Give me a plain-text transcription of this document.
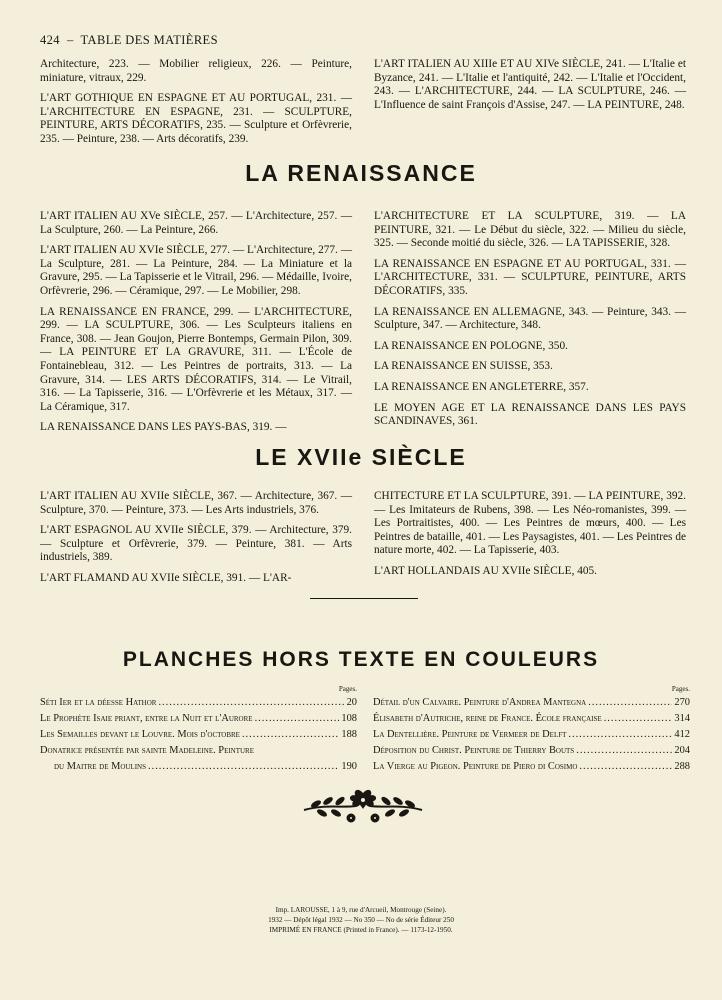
424  –  TABLE DES MATIÈRES

Architecture, 223. — Mobilier religieux, 226. — Peinture, miniature, vitraux, 229.

L'ART GOTHIQUE EN ESPAGNE ET AU PORTUGAL, 231. — L'ARCHITECTURE EN ESPAGNE, 231. — SCULPTURE, PEINTURE, ARTS DÉCORATIFS, 235. — Sculpture et Orfèvrerie, 235. — Peinture, 238. — Arts décoratifs, 239.

L'ART ITALIEN AU XIIIe ET AU XIVe SIÈCLE, 241. — L'Italie et Byzance, 241. — L'Italie et l'antiquité, 242. — L'Italie et l'Occident, 243. — L'ARCHITECTURE, 244. — LA SCULPTURE, 246. — L'Influence de saint François d'Assise, 247. — LA PEINTURE, 248.

LA RENAISSANCE

L'ART ITALIEN AU XVe SIÈCLE, 257. — L'Architecture, 257. — La Sculpture, 260. — La Peinture, 266.

L'ART ITALIEN AU XVIe SIÈCLE, 277. — L'Architecture, 277. — La Sculpture, 281. — La Peinture, 284. — La Miniature et la Gravure, 295. — La Tapisserie et le Vitrail, 296. — Médaille, Ivoire, Orfèvrerie, 296. — Céramique, 297. — Le Mobilier, 298.

LA RENAISSANCE EN FRANCE, 299. — L'ARCHITECTURE, 299. — LA SCULPTURE, 306. — Les Sculpteurs italiens en France, 308. — Jean Goujon, Pierre Bontemps, Germain Pilon, 309. — LA PEINTURE ET LA GRAVURE, 311. — L'École de Fontainebleau, 312. — Les Peintres de portraits, 313. — La Gravure, 314. — LES ARTS DÉCORATIFS, 314. — Le Vitrail, 316. — La Tapisserie, 316. — L'Orfèvrerie et les Métaux, 317. — La Céramique, 317.

LA RENAISSANCE DANS LES PAYS-BAS, 319. —

L'ARCHITECTURE ET LA SCULPTURE, 319. — LA PEINTURE, 321. — Le Début du siècle, 322. — Milieu du siècle, 325. — Seconde moitié du siècle, 326. — LA TAPISSERIE, 328.

LA RENAISSANCE EN ESPAGNE ET AU PORTUGAL, 331. — L'ARCHITECTURE, 331. — SCULPTURE, PEINTURE, ARTS DÉCORATIFS, 335.

LA RENAISSANCE EN ALLEMAGNE, 343. — Peinture, 343. — Sculpture, 347. — Architecture, 348.

LA RENAISSANCE EN POLOGNE, 350.

LA RENAISSANCE EN SUISSE, 353.

LA RENAISSANCE EN ANGLETERRE, 357.

LE MOYEN AGE ET LA RENAISSANCE DANS LES PAYS SCANDINAVES, 361.

LE XVIIe SIÈCLE

L'ART ITALIEN AU XVIIe SIÈCLE, 367. — Architecture, 367. — Sculpture, 370. — Peinture, 373. — Les Arts industriels, 376.

L'ART ESPAGNOL AU XVIIe SIÈCLE, 379. — Architecture, 379. — Sculpture et Orfèvrerie, 379. — Peinture, 381. — Arts industriels, 389.

L'ART FLAMAND AU XVIIe SIÈCLE, 391. — L'AR-

CHITECTURE ET LA SCULPTURE, 391. — LA PEINTURE, 392. — Les Imitateurs de Rubens, 398. — Les Néo-romanistes, 399. — Les Portraitistes, 400. — Les Peintres de mœurs, 400. — Les Peintres de bataille, 401. — Les Paysagistes, 401. — Les Peintres de nature morte, 402. — La Tapisserie, 403.

L'ART HOLLANDAIS AU XVIIe SIÈCLE, 405.

PLANCHES HORS TEXTE EN COULEURS
Pages.
Séti Ier et la déesse Hathor .....	20
Le Prophète Isaie priant, entre la Nuit et l'Aurore .....	108
Les Semailles devant le Louvre. Mois d'octobre .....	188
Donatrice présentée par sainte Madeleine. Peinture
du Maitre de Moulins .....	190
Pages.
Détail d'un Calvaire. Peinture d'Andrea Mantegna .....	270
Élisabeth d'Autriche, reine de France. École française .....	314
La Dentellière. Peinture de Vermeer de Delft .....	412
Déposition du Christ. Peinture de Thierry Bouts .....	204
La Vierge au Pigeon. Peinture de Piero di Cosimo .....	288
Imp. LAROUSSE, 1 à 9, rue d'Arcueil, Montrouge (Seine).
1932 — Dépôt légal 1932 — No 350 — No de série Éditeur 250
IMPRIMÉ EN FRANCE (Printed in France). — 1173-12-1950.
